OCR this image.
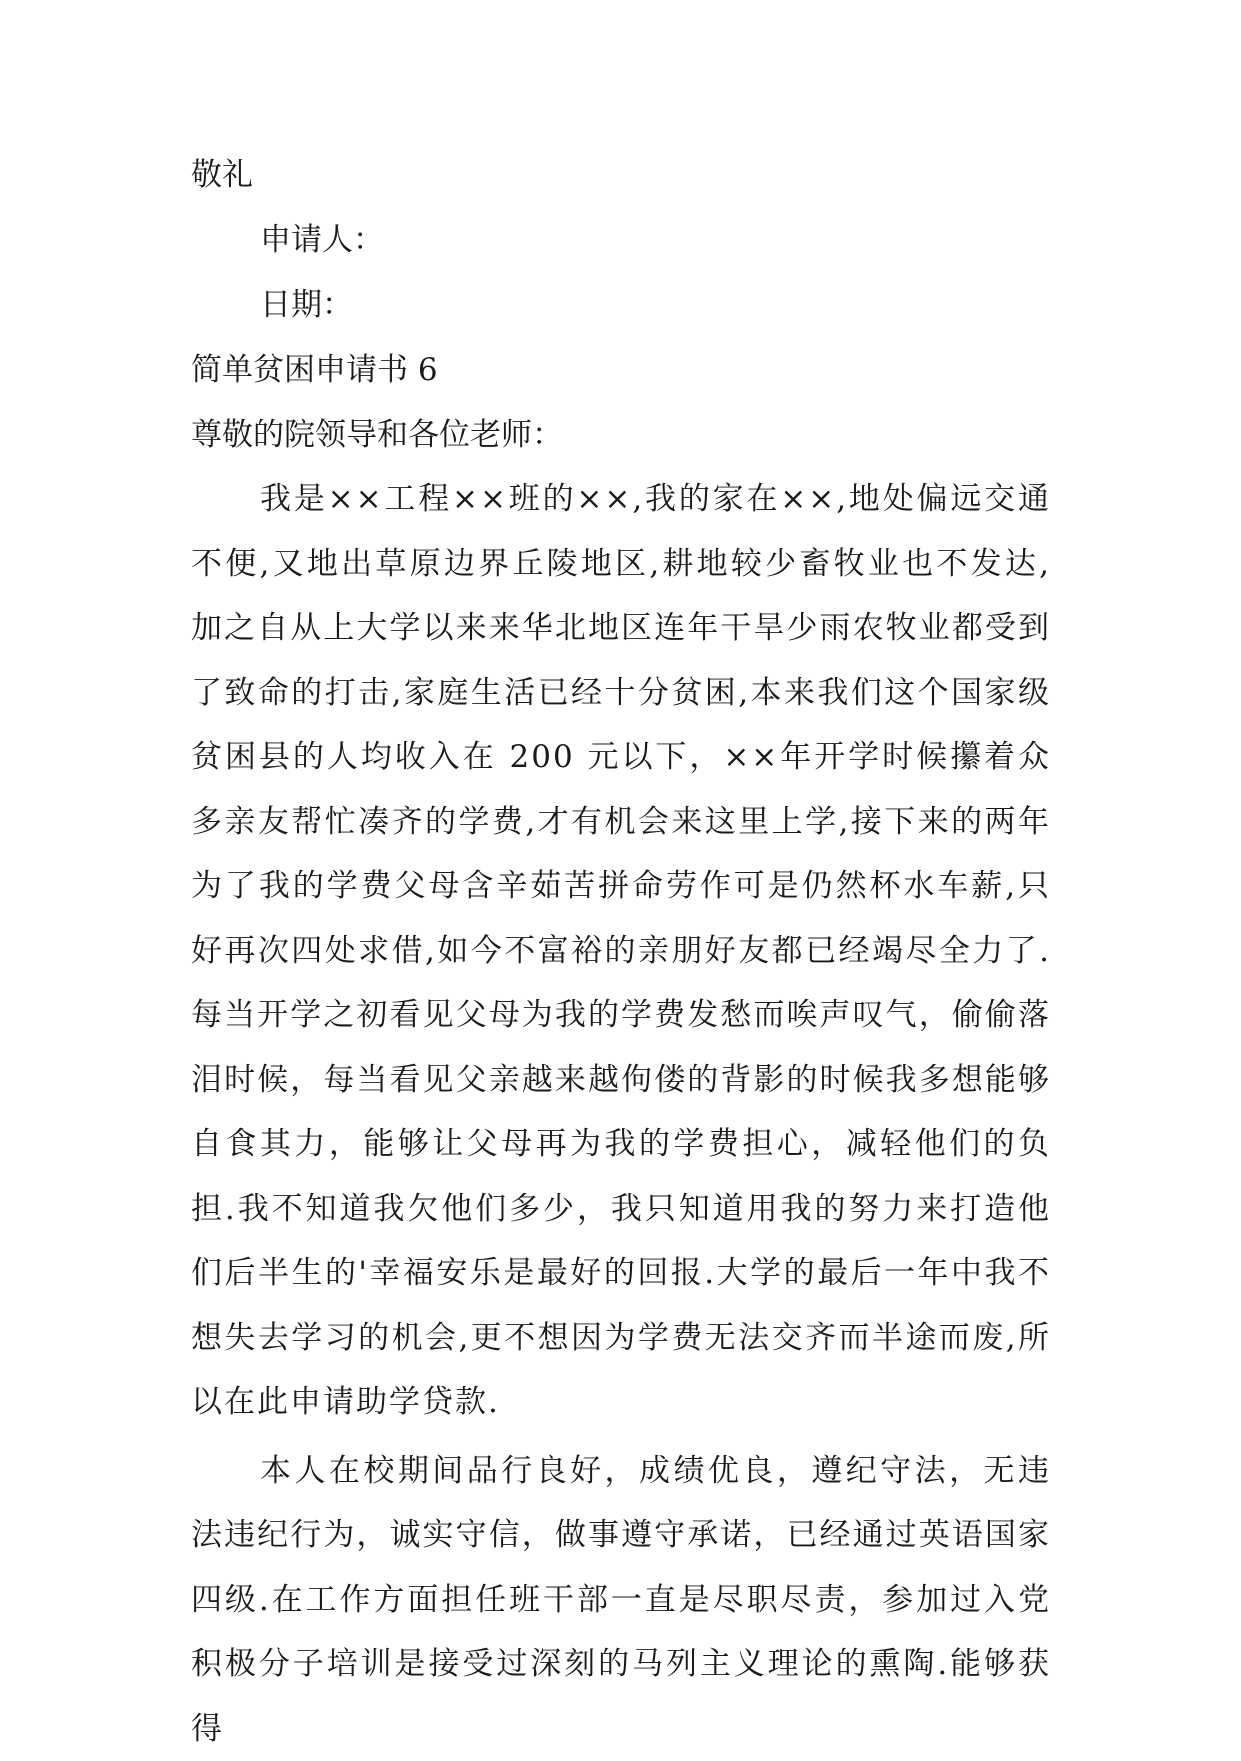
敬礼

申请人：

日期：

简单贫困申请书 6

尊敬的院领导和各位老师：

我是××工程××班的××,我的家在××,地处偏远交通不便,又地出草原边界丘陵地区,耕地较少畜牧业也不发达,加之自从上大学以来来华北地区连年干旱少雨农牧业都受到了致命的打击,家庭生活已经十分贫困,本来我们这个国家级贫困县的人均收入在 200 元以下，××年开学时候攥着众多亲友帮忙凑齐的学费,才有机会来这里上学,接下来的两年为了我的学费父母含辛茹苦拼命劳作可是仍然杯水车薪,只好再次四处求借,如今不富裕的亲朋好友都已经竭尽全力了.每当开学之初看见父母为我的学费发愁而唉声叹气，偷偷落泪时候，每当看见父亲越来越佝偻的背影的时候我多想能够自食其力，能够让父母再为我的学费担心，减轻他们的负担.我不知道我欠他们多少，我只知道用我的努力来打造他们后半生的'幸福安乐是最好的回报.大学的最后一年中我不想失去学习的机会,更不想因为学费无法交齐而半途而废,所以在此申请助学贷款.

本人在校期间品行良好，成绩优良，遵纪守法，无违法违纪行为，诚实守信，做事遵守承诺，已经通过英语国家四级.在工作方面担任班干部一直是尽职尽责，参加过入党积极分子培训是接受过深刻的马列主义理论的熏陶.能够获得
